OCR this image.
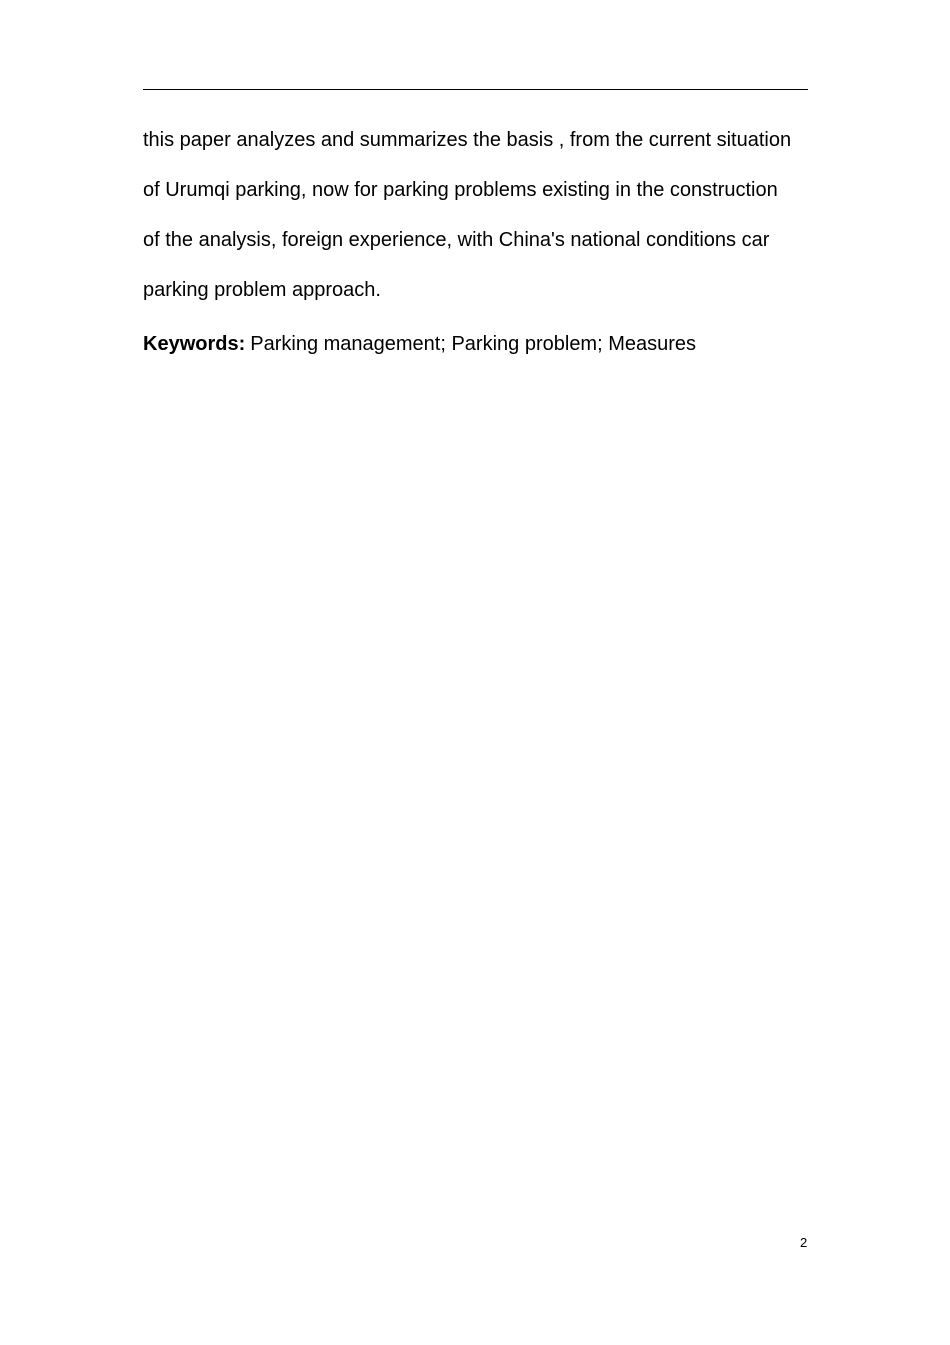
this paper analyzes and summarizes the basis , from the current situation
of Urumqi parking, now for parking problems existing in the construction
of the analysis, foreign experience, with China's national conditions car
parking problem approach.
Keywords: Parking management; Parking problem; Measures
2
